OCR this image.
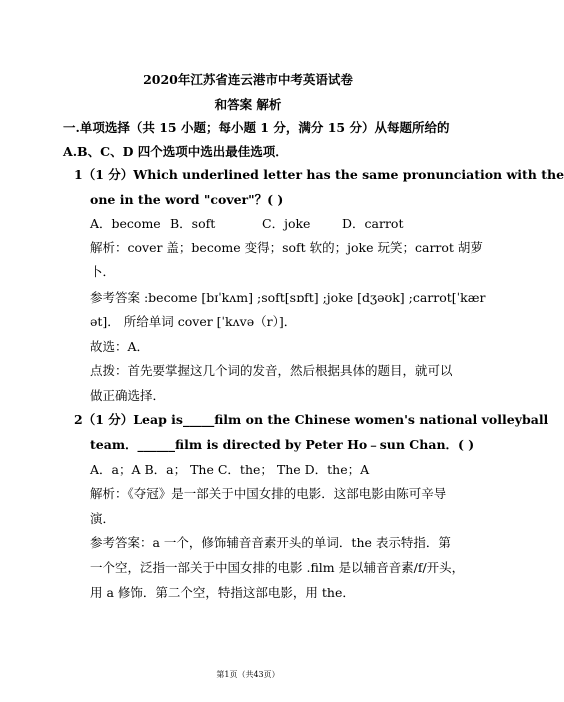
2020年江苏省连云港市中考英语试卷
和答案 解析
一.单项选择（共 15 小题；每小题 1 分，满分 15 分）从每题所给的
A.B、C、D 四个选项中选出最佳选项．
1（1 分）Which underlined letter has the same pronunciation with the
one in the word "cover"？( )
A．become B．soft	C．joke	D．carrot
解析：cover 盖；become 变得；soft 软的；joke 玩笑；carrot 胡萝
卜．
参考答案 :become [bɪˈkʌm] ;soft[sɒft] ;joke [dʒəʊk] ;carrot[ˈkær
ət]． 所给单词 cover [ˈkʌvə（r）]．
故选：A．
点拨：首先要掌握这几个词的发音，然后根据具体的题目，就可以
做正确选择．
2（1 分）Leap is_____film on the Chinese women's national volleyball
team．______film is directed by Peter Ho﹣sun Chan．( )
A．a；A B．a； The C．the； The D．the；A
解析：《夺冠》是一部关于中国女排的电影．这部电影由陈可辛导
演．
参考答案：a 一个，修饰辅音音素开头的单词．the 表示特指．第
一个空，泛指一部关于中国女排的电影 .film 是以辅音音素/f/开头，
用 a 修饰．第二个空，特指这部电影，用 the．
第1页（共43页）
